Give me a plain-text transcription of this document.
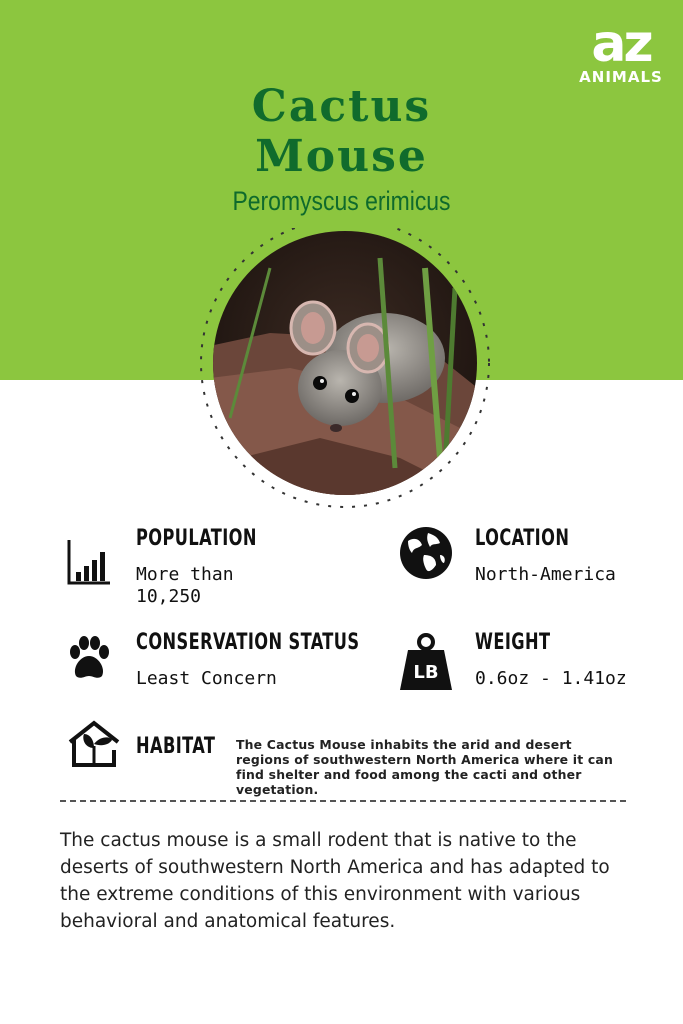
az
ANIMALS
Cactus
Mouse
Peromyscus erimicus
POPULATION
More than
10,250
LOCATION
North-America
CONSERVATION STATUS
Least Concern	LB
WEIGHT
0.6oz - 1.41oz
HABITAT The Cactus Mouse inhabits the arid and desert regions of southwestern North America where it can find shelter and food among the cacti and other vegetation.
The cactus mouse is a small rodent that is native to the deserts of southwestern North America and has adapted to the extreme conditions of this environment with various behavioral and anatomical features.
